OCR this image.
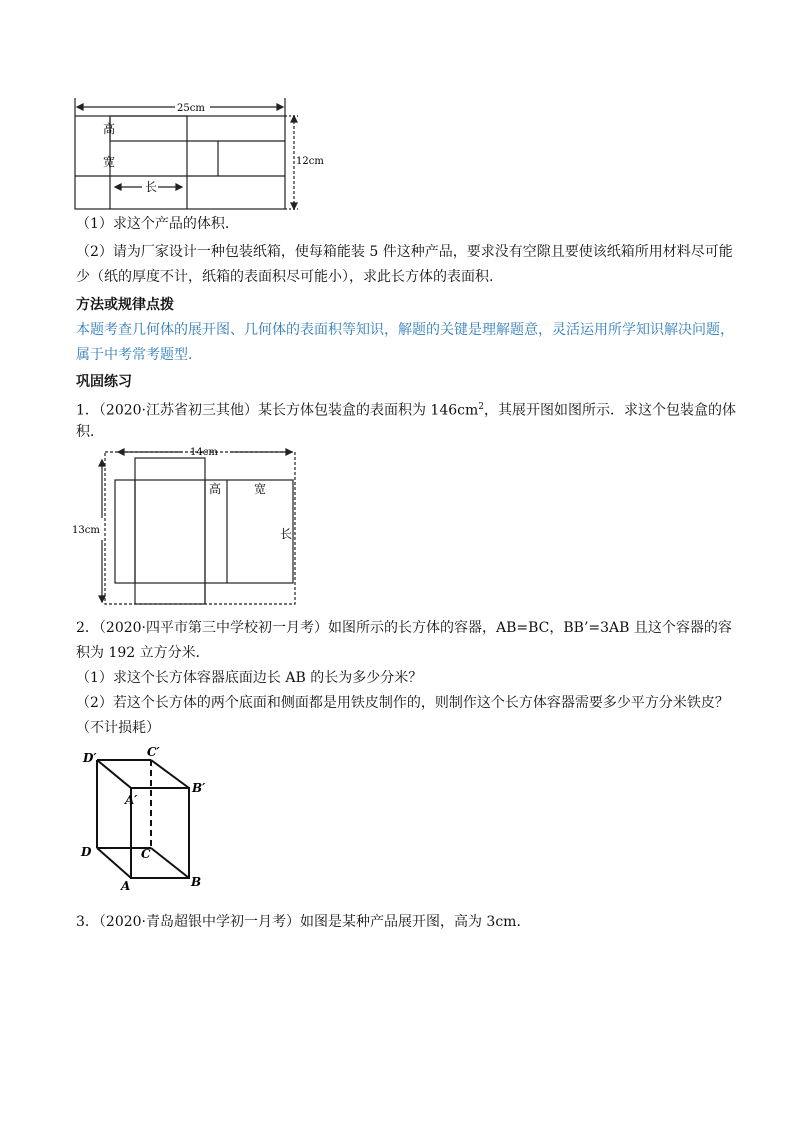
25cm
12cm
高
宽
长
（1）求这个产品的体积.
（2）请为厂家设计一种包装纸箱，使每箱能装 5 件这种产品，要求没有空隙且要使该纸箱所用材料尽可能
少（纸的厚度不计，纸箱的表面积尽可能小），求此长方体的表面积.
方法或规律点拨
本题考查几何体的展开图、几何体的表面积等知识，解题的关键是理解题意，灵活运用所学知识解决问题，
属于中考常考题型.
巩固练习
1．（2020·江苏省初三其他）某长方体包装盒的表面积为 $146cm^2$，其展开图如图所示．求这个包装盒的体
积．
14cm
13cm
高	宽
长
2．（2020·四平市第三中学校初一月考）如图所示的长方体的容器，AB=BC，BB’=3AB 且这个容器的容
积为 192 立方分米．
（1）求这个长方体容器底面边长 AB 的长为多少分米？
（2）若这个长方体的两个底面和侧面都是用铁皮制作的，则制作这个长方体容器需要多少平方分米铁皮？
（不计损耗）
D′	C′
A′
B′
D	C
A	B
3．（2020·青岛超银中学初一月考）如图是某种产品展开图，高为 3cm.
